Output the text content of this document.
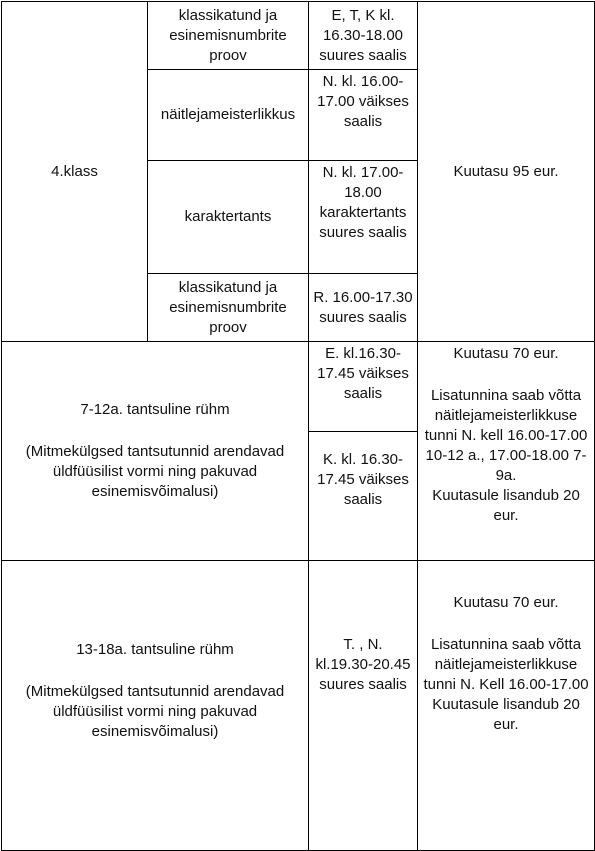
4.klass	klassikatund ja esinemisnumbrite proov	E, T, K kl. 16.30-18.00 suures saalis	Kuutasu 95 eur.
	näitlejameisterlikkus	N. kl. 16.00-17.00 väikses saalis	
	karaktertants	N. kl. 17.00-18.00 karaktertants suures saalis	
	klassikatund ja esinemisnumbrite proov	R. 16.00-17.30 suures saalis	

7-12a. tantsuline rühm
(Mitmekülgsed tantsutunnid arendavad üldfüüsilist vormi ning pakuvad esinemisvõimalusi)		E. kl.16.30-17.45 väikses saalis	Kuutasu 70 eur.
Lisatunnina saab võtta näitlejameisterlikkuse tunni N. kell 16.00-17.00 10-12 a., 17.00-18.00 7-9a.
Kuutasule lisandub 20 eur.

		K. kl. 16.30-17.45 väikses saalis	

13-18a. tantsuline rühm
(Mitmekülgsed tantsutunnid arendavad üldfüüsilist vormi ning pakuvad esinemisvõimalusi)		T. , N. kl.19.30-20.45 suures saalis	Kuutasu 70 eur.
Lisatunnina saab võtta näitlejameisterlikkuse tunni N. Kell 16.00-17.00
Kuutasule lisandub 20 eur.
